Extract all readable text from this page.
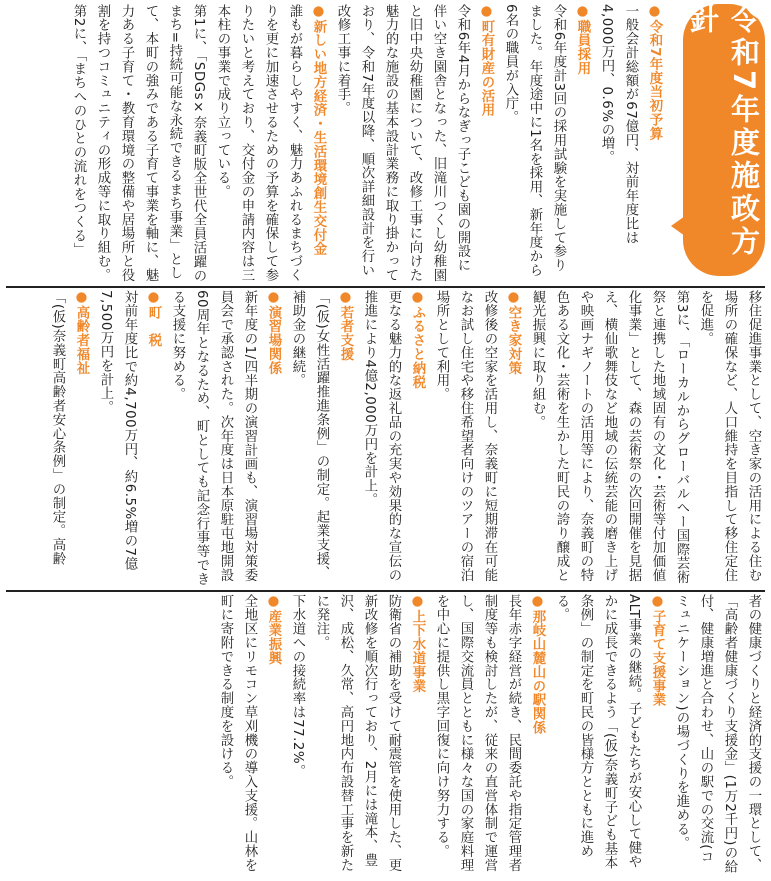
●令和7年度当初予算

一般会計総額が67億円、対前年度比は4,000万円、0.6%の増。

●職員採用

令和6年度計3回の採用試験を実施して参りました。年度途中に1名を採用、新年度から6名の職員が入庁。

●町有財産の活用

令和6年4月からなぎっ子こども園の開設に伴い空き園舎となった、旧滝川つくし幼稚園と旧中央幼稚園について、改修工事に向けた魅力的な施設の基本設計業務に取り掛かっており、令和7年度以降、順次詳細設計を行い改修工事に着手。

●新しい地方経済・生活環境創生交付金

誰もが暮らしやすく、魅力あふれるまちづくりを更に加速させるための予算を確保して参りたいと考えており、交付金の申請内容は三本柱の事業で成り立っている。

第1に、「SDGs×奈義町版全世代全員活躍のまち=持続可能な永続できるまち事業」として、本町の強みである子育て事業を軸に、魅力ある子育て・教育環境の整備や居場所と役割を持つコミュニティの形成等に取り組む。

第2に、「まちへのひとの流れをつくる」	令和7年度施政方針

移住促進事業として、空き家の活用による住む場所の確保など、人口維持を目指して移住定住を促進。

第3に、「ローカルからグローバルへー国際芸術祭と連携した地域固有の文化・芸術等付加価値化事業」として、森の芸術祭の次回開催を見据え、横仙歌舞伎など地域の伝統芸能の磨き上げや映画ナギノートの活用等により、奈義町の特色ある文化・芸術を生かした町民の誇り醸成と観光振興に取り組む。

●空き家対策

改修後の空家を活用し、奈義町に短期滞在可能なお試し住宅や移住希望者向けのツアーの宿泊場所として利用。

●ふるさと納税

更なる魅力的な返礼品の充実や効果的な宣伝の推進により4億2,000万円を計上。

●若者支援

「(仮)女性活躍推進条例」の制定。起業支援、補助金の継続。

●演習場関係

新年度の1/四半期の演習計画も、演習場対策委員会で承認された。次年度は日本原駐屯地開設60周年となるため、町としても記念行事等できる支援に努める。

●町　税

対前年度比で約4,700万円、約6.5%増の7億7,500万円を計上。

●高齢者福祉

「(仮)奈義町高齢者安心条例」の制定。高齢

者の健康づくりと経済的支援の一環として、「高齢者健康づくり支援金」(1万2千円)の給付、健康増進と合わせ、山の駅での交流(コミュニケーション)の場づくりを進める。

●子育て支援事業

ALT事業の継続。子どもたちが安心して健やかに成長できるよう「(仮)奈義町子ども基本条例」の制定を町民の皆様方とともに進める。

●那岐山麓山の駅関係

長年赤字経営が続き、民間委託や指定管理者制度等も検討したが、従来の直営体制で運営し、国際交流員とともに様々な国の家庭料理を中心に提供し黒字回復に向け努力する。

●上下水道事業

防衛省の補助を受けて耐震管を使用した、更新改修を順次行っており、2月には滝本、豊沢、成松、久常、高円地内布設替工事を新たに発注。

下水道への接続率は77.2%。

●産業振興

全地区にリモコン草刈機の導入支援。山林を町に寄附できる制度を設ける。
